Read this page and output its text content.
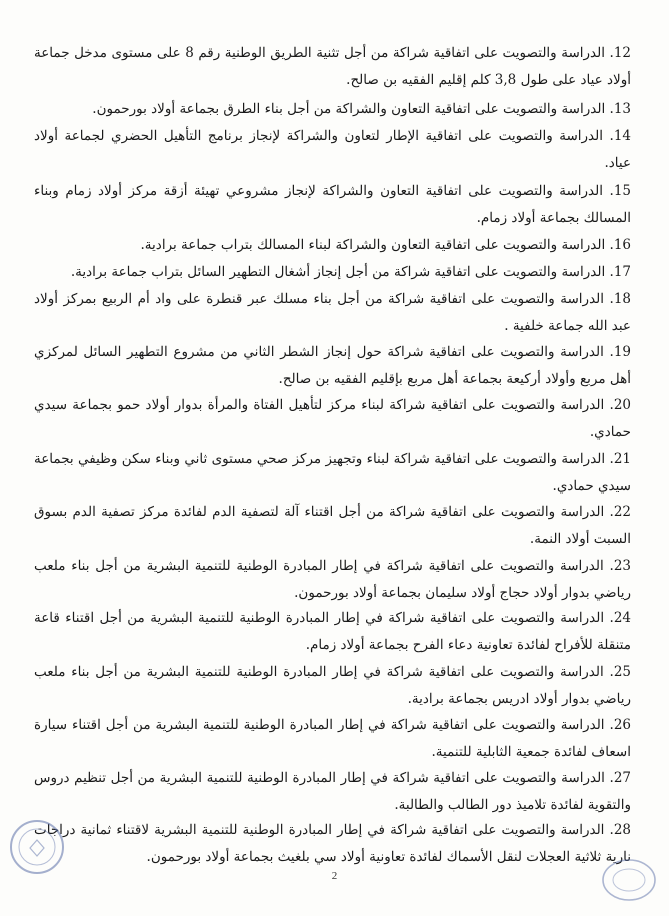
12. الدراسة والتصويت على اتفاقية شراكة من أجل تثنية الطريق الوطنية رقم 8 على مستوى مدخل جماعة أولاد عياد على طول 3,8 كلم إقليم الفقيه بن صالح.
13. الدراسة والتصويت على اتفاقية التعاون والشراكة من أجل بناء الطرق بجماعة أولاد بورحمون.
14. الدراسة والتصويت على اتفاقية الإطار لتعاون والشراكة لإنجاز برنامج التأهيل الحضري لجماعة أولاد عياد.
15. الدراسة والتصويت على اتفاقية التعاون والشراكة لإنجاز مشروعي تهيئة أزقة مركز أولاد زمام وبناء المسالك بجماعة أولاد زمام.
16. الدراسة والتصويت على اتفاقية التعاون والشراكة لبناء المسالك بتراب جماعة برادية.
17. الدراسة والتصويت على اتفاقية شراكة من أجل إنجاز أشغال التطهير السائل بتراب جماعة برادية.
18. الدراسة والتصويت على اتفاقية شراكة من أجل بناء مسلك عبر قنطرة على واد أم الربيع بمركز أولاد عبد الله جماعة خلفية .
19. الدراسة والتصويت على اتفاقية شراكة حول إنجاز الشطر الثاني من مشروع التطهير السائل لمركزي أهل مربع وأولاد أركيعة بجماعة أهل مربع بإقليم الفقيه بن صالح.
20. الدراسة والتصويت على اتفاقية شراكة لبناء مركز لتأهيل الفتاة والمرأة بدوار أولاد حمو بجماعة سيدي حمادي.
21. الدراسة والتصويت على اتفاقية شراكة لبناء وتجهيز مركز صحي مستوى ثاني وبناء سكن وظيفي بجماعة سيدي حمادي.
22. الدراسة والتصويت على اتفاقية شراكة من أجل اقتناء آلة لتصفية الدم لفائدة مركز تصفية الدم بسوق السبت أولاد النمة.
23. الدراسة والتصويت على اتفاقية شراكة في إطار المبادرة الوطنية للتنمية البشرية من أجل بناء ملعب رياضي بدوار أولاد حجاج أولاد سليمان بجماعة أولاد بورحمون.
24. الدراسة والتصويت على اتفاقية شراكة في إطار المبادرة الوطنية للتنمية البشرية من أجل اقتناء قاعة متنقلة للأفراح لفائدة تعاونية دعاء الفرح بجماعة أولاد زمام.
25. الدراسة والتصويت على اتفاقية شراكة في إطار المبادرة الوطنية للتنمية البشرية من أجل بناء ملعب رياضي بدوار أولاد ادريس بجماعة برادية.
26. الدراسة والتصويت على اتفاقية شراكة في إطار المبادرة الوطنية للتنمية البشرية من أجل اقتناء سيارة اسعاف لفائدة جمعية الثابلية للتنمية.
27. الدراسة والتصويت على اتفاقية شراكة في إطار المبادرة الوطنية للتنمية البشرية من أجل تنظيم دروس والتقوية لفائدة تلاميذ دور الطالب والطالبة.
28. الدراسة والتصويت على اتفاقية شراكة في إطار المبادرة الوطنية للتنمية البشرية لاقتناء ثمانية دراجات نارية ثلاثية العجلات لنقل الأسماك لفائدة تعاونية أولاد سي بلغيث بجماعة أولاد بورحمون.
2
